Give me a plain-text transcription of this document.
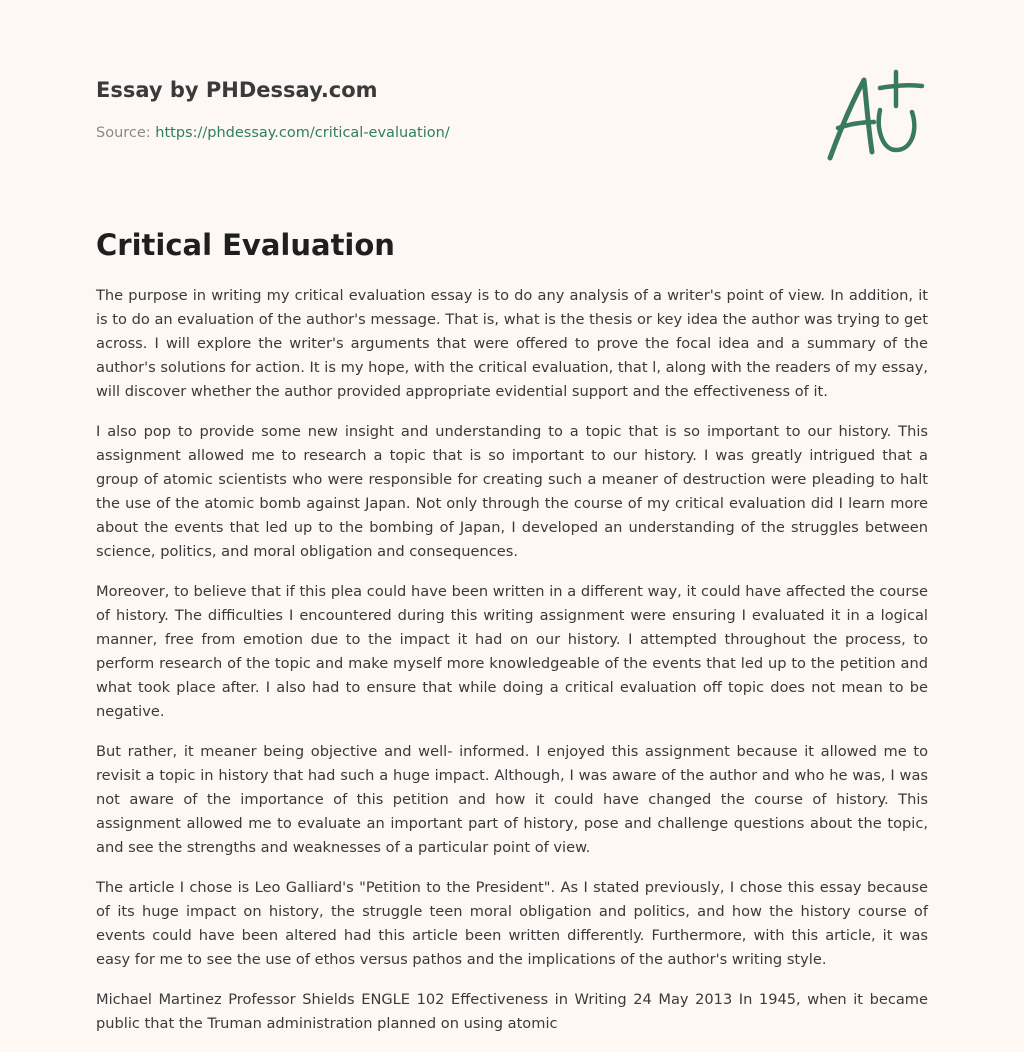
Essay by PHDessay.com
Source: https://phdessay.com/critical-evaluation/
Critical Evaluation

The purpose in writing my critical evaluation essay is to do any analysis of a writer's point of view. In addition, it is to do an evaluation of the author's message. That is, what is the thesis or key idea the author was trying to get across. I will explore the writer's arguments that were offered to prove the focal idea and a summary of the author's solutions for action. It is my hope, with the critical evaluation, that l, along with the readers of my essay, will discover whether the author provided appropriate evidential support and the effectiveness of it.

I also pop to provide some new insight and understanding to a topic that is so important to our history. This assignment allowed me to research a topic that is so important to our history. I was greatly intrigued that a group of atomic scientists who were responsible for creating such a meaner of destruction were pleading to halt the use of the atomic bomb against Japan. Not only through the course of my critical evaluation did I learn more about the events that led up to the bombing of Japan, I developed an understanding of the struggles between science, politics, and moral obligation and consequences.

Moreover, to believe that if this plea could have been written in a different way, it could have affected the course of history. The difficulties I encountered during this writing assignment were ensuring I evaluated it in a logical manner, free from emotion due to the impact it had on our history. I attempted throughout the process, to perform research of the topic and make myself more knowledgeable of the events that led up to the petition and what took place after. I also had to ensure that while doing a critical evaluation off topic does not mean to be negative.

But rather, it meaner being objective and well- informed. I enjoyed this assignment because it allowed me to revisit a topic in history that had such a huge impact. Although, I was aware of the author and who he was, I was not aware of the importance of this petition and how it could have changed the course of history. This assignment allowed me to evaluate an important part of history, pose and challenge questions about the topic, and see the strengths and weaknesses of a particular point of view.

The article I chose is Leo Galliard's "Petition to the President". As I stated previously, I chose this essay because of its huge impact on history, the struggle teen moral obligation and politics, and how the history course of events could have been altered had this article been written differently. Furthermore, with this article, it was easy for me to see the use of ethos versus pathos and the implications of the author's writing style.

Michael Martinez Professor Shields ENGLE 102 Effectiveness in Writing 24 May 2013 In 1945, when it became public that the Truman administration planned on using atomic
